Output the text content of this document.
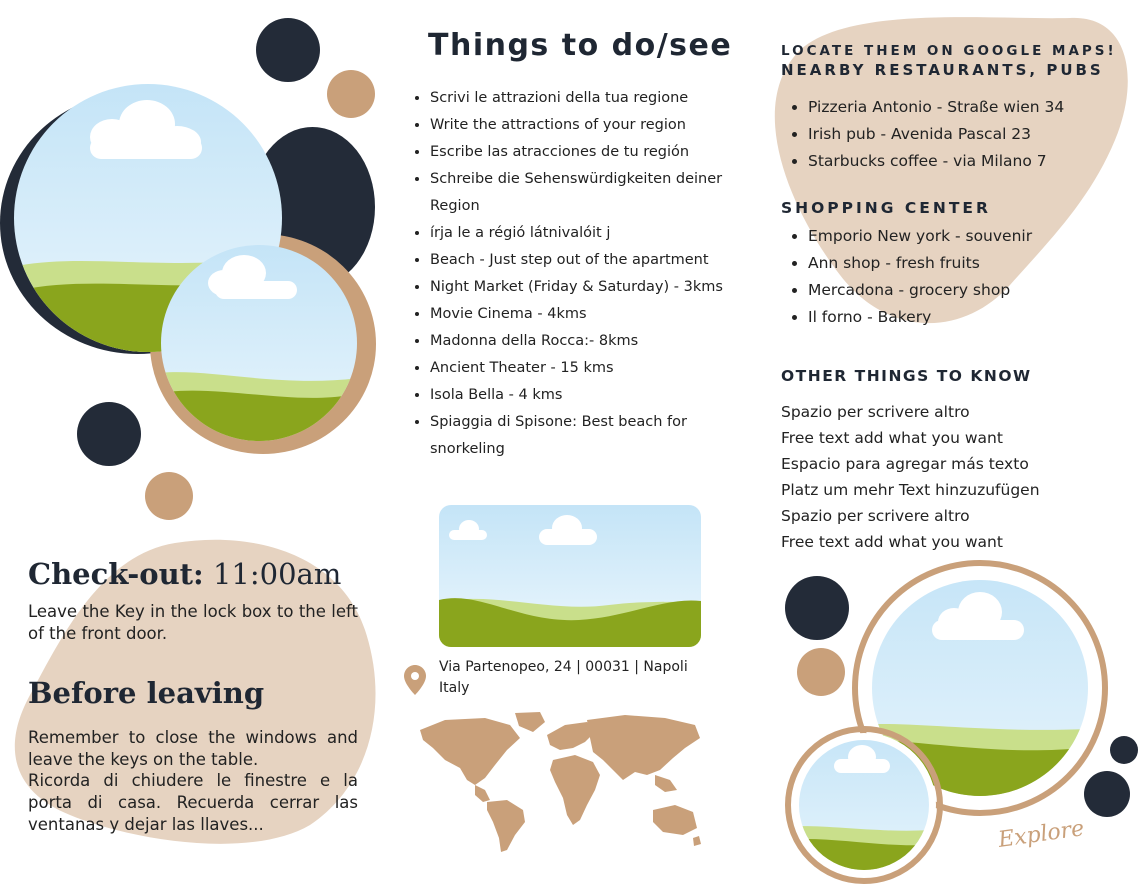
Check-out: 11:00am
Leave the Key in the lock box to the left of the front door.
Before leaving
Remember to close the windows and leave the keys on the table.
Ricorda di chiudere le finestre e la porta di casa. Recuerda cerrar las ventanas y dejar las llaves...
Things to do/see
• Scrivi le attrazioni della tua regione
• Write the attractions of your region
• Escribe las atracciones de tu región
• Schreibe die Sehenswürdigkeiten deiner Region
• írja le a régió látnivalóit j
• Beach - Just step out of the apartment
• Night Market (Friday & Saturday) - 3kms
• Movie Cinema - 4kms
• Madonna della Rocca:- 8kms
• Ancient Theater - 15 kms
• Isola Bella - 4 kms
• Spiaggia di Spisone: Best beach for snorkeling
Via Partenopeo, 24 | 00031 | Napoli Italy
LOCATE THEM ON GOOGLE MAPS!
NEARBY RESTAURANTS, PUBS
• Pizzeria Antonio - Straße wien 34
• Irish pub - Avenida Pascal 23
• Starbucks coffee - via Milano 7
SHOPPING CENTER
• Emporio New york - souvenir
• Ann shop - fresh fruits
• Mercadona - grocery shop
• Il forno - Bakery
OTHER THINGS TO KNOW
Spazio per scrivere altro
Free text add what you want
Espacio para agregar más texto
Platz um mehr Text hinzuzufügen
Spazio per scrivere altro
Free text add what you want
Explore
